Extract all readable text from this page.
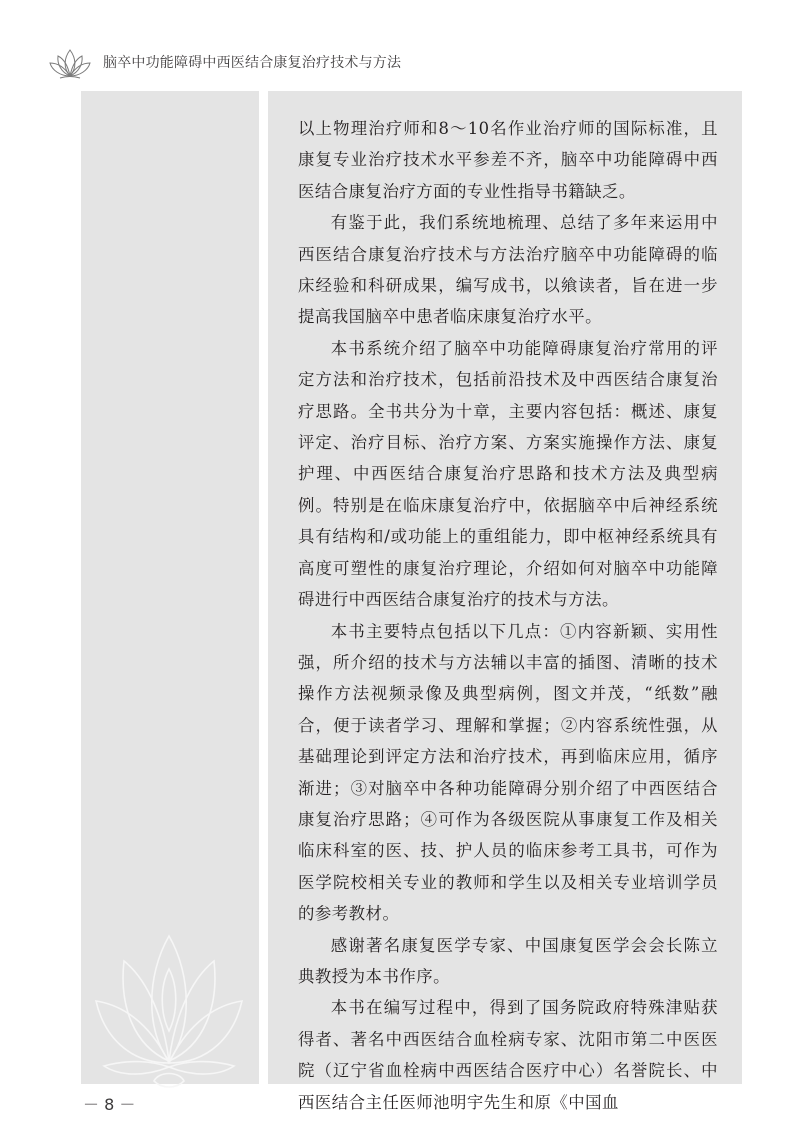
脑卒中功能障碍中西医结合康复治疗技术与方法

以上物理治疗师和8～10名作业治疗师的国际标准，且康复专业治疗技术水平参差不齐，脑卒中功能障碍中西医结合康复治疗方面的专业性指导书籍缺乏。

有鉴于此，我们系统地梳理、总结了多年来运用中西医结合康复治疗技术与方法治疗脑卒中功能障碍的临床经验和科研成果，编写成书，以飨读者，旨在进一步提高我国脑卒中患者临床康复治疗水平。

本书系统介绍了脑卒中功能障碍康复治疗常用的评定方法和治疗技术，包括前沿技术及中西医结合康复治疗思路。全书共分为十章，主要内容包括：概述、康复评定、治疗目标、治疗方案、方案实施操作方法、康复护理、中西医结合康复治疗思路和技术方法及典型病例。特别是在临床康复治疗中，依据脑卒中后神经系统具有结构和/或功能上的重组能力，即中枢神经系统具有高度可塑性的康复治疗理论，介绍如何对脑卒中功能障碍进行中西医结合康复治疗的技术与方法。

本书主要特点包括以下几点：①内容新颖、实用性强，所介绍的技术与方法辅以丰富的插图、清晰的技术操作方法视频录像及典型病例，图文并茂，“纸数”融合，便于读者学习、理解和掌握；②内容系统性强，从基础理论到评定方法和治疗技术，再到临床应用，循序渐进；③对脑卒中各种功能障碍分别介绍了中西医结合康复治疗思路；④可作为各级医院从事康复工作及相关临床科室的医、技、护人员的临床参考工具书，可作为医学院校相关专业的教师和学生以及相关专业培训学员的参考教材。

感谢著名康复医学专家、中国康复医学会会长陈立典教授为本书作序。

本书在编写过程中，得到了国务院政府特殊津贴获得者、著名中西医结合血栓病专家、沈阳市第二中医医院（辽宁省血栓病中西医结合医疗中心）名誉院长、中西医结合主任医师池明宇先生和原《中国血

－ 8 －
